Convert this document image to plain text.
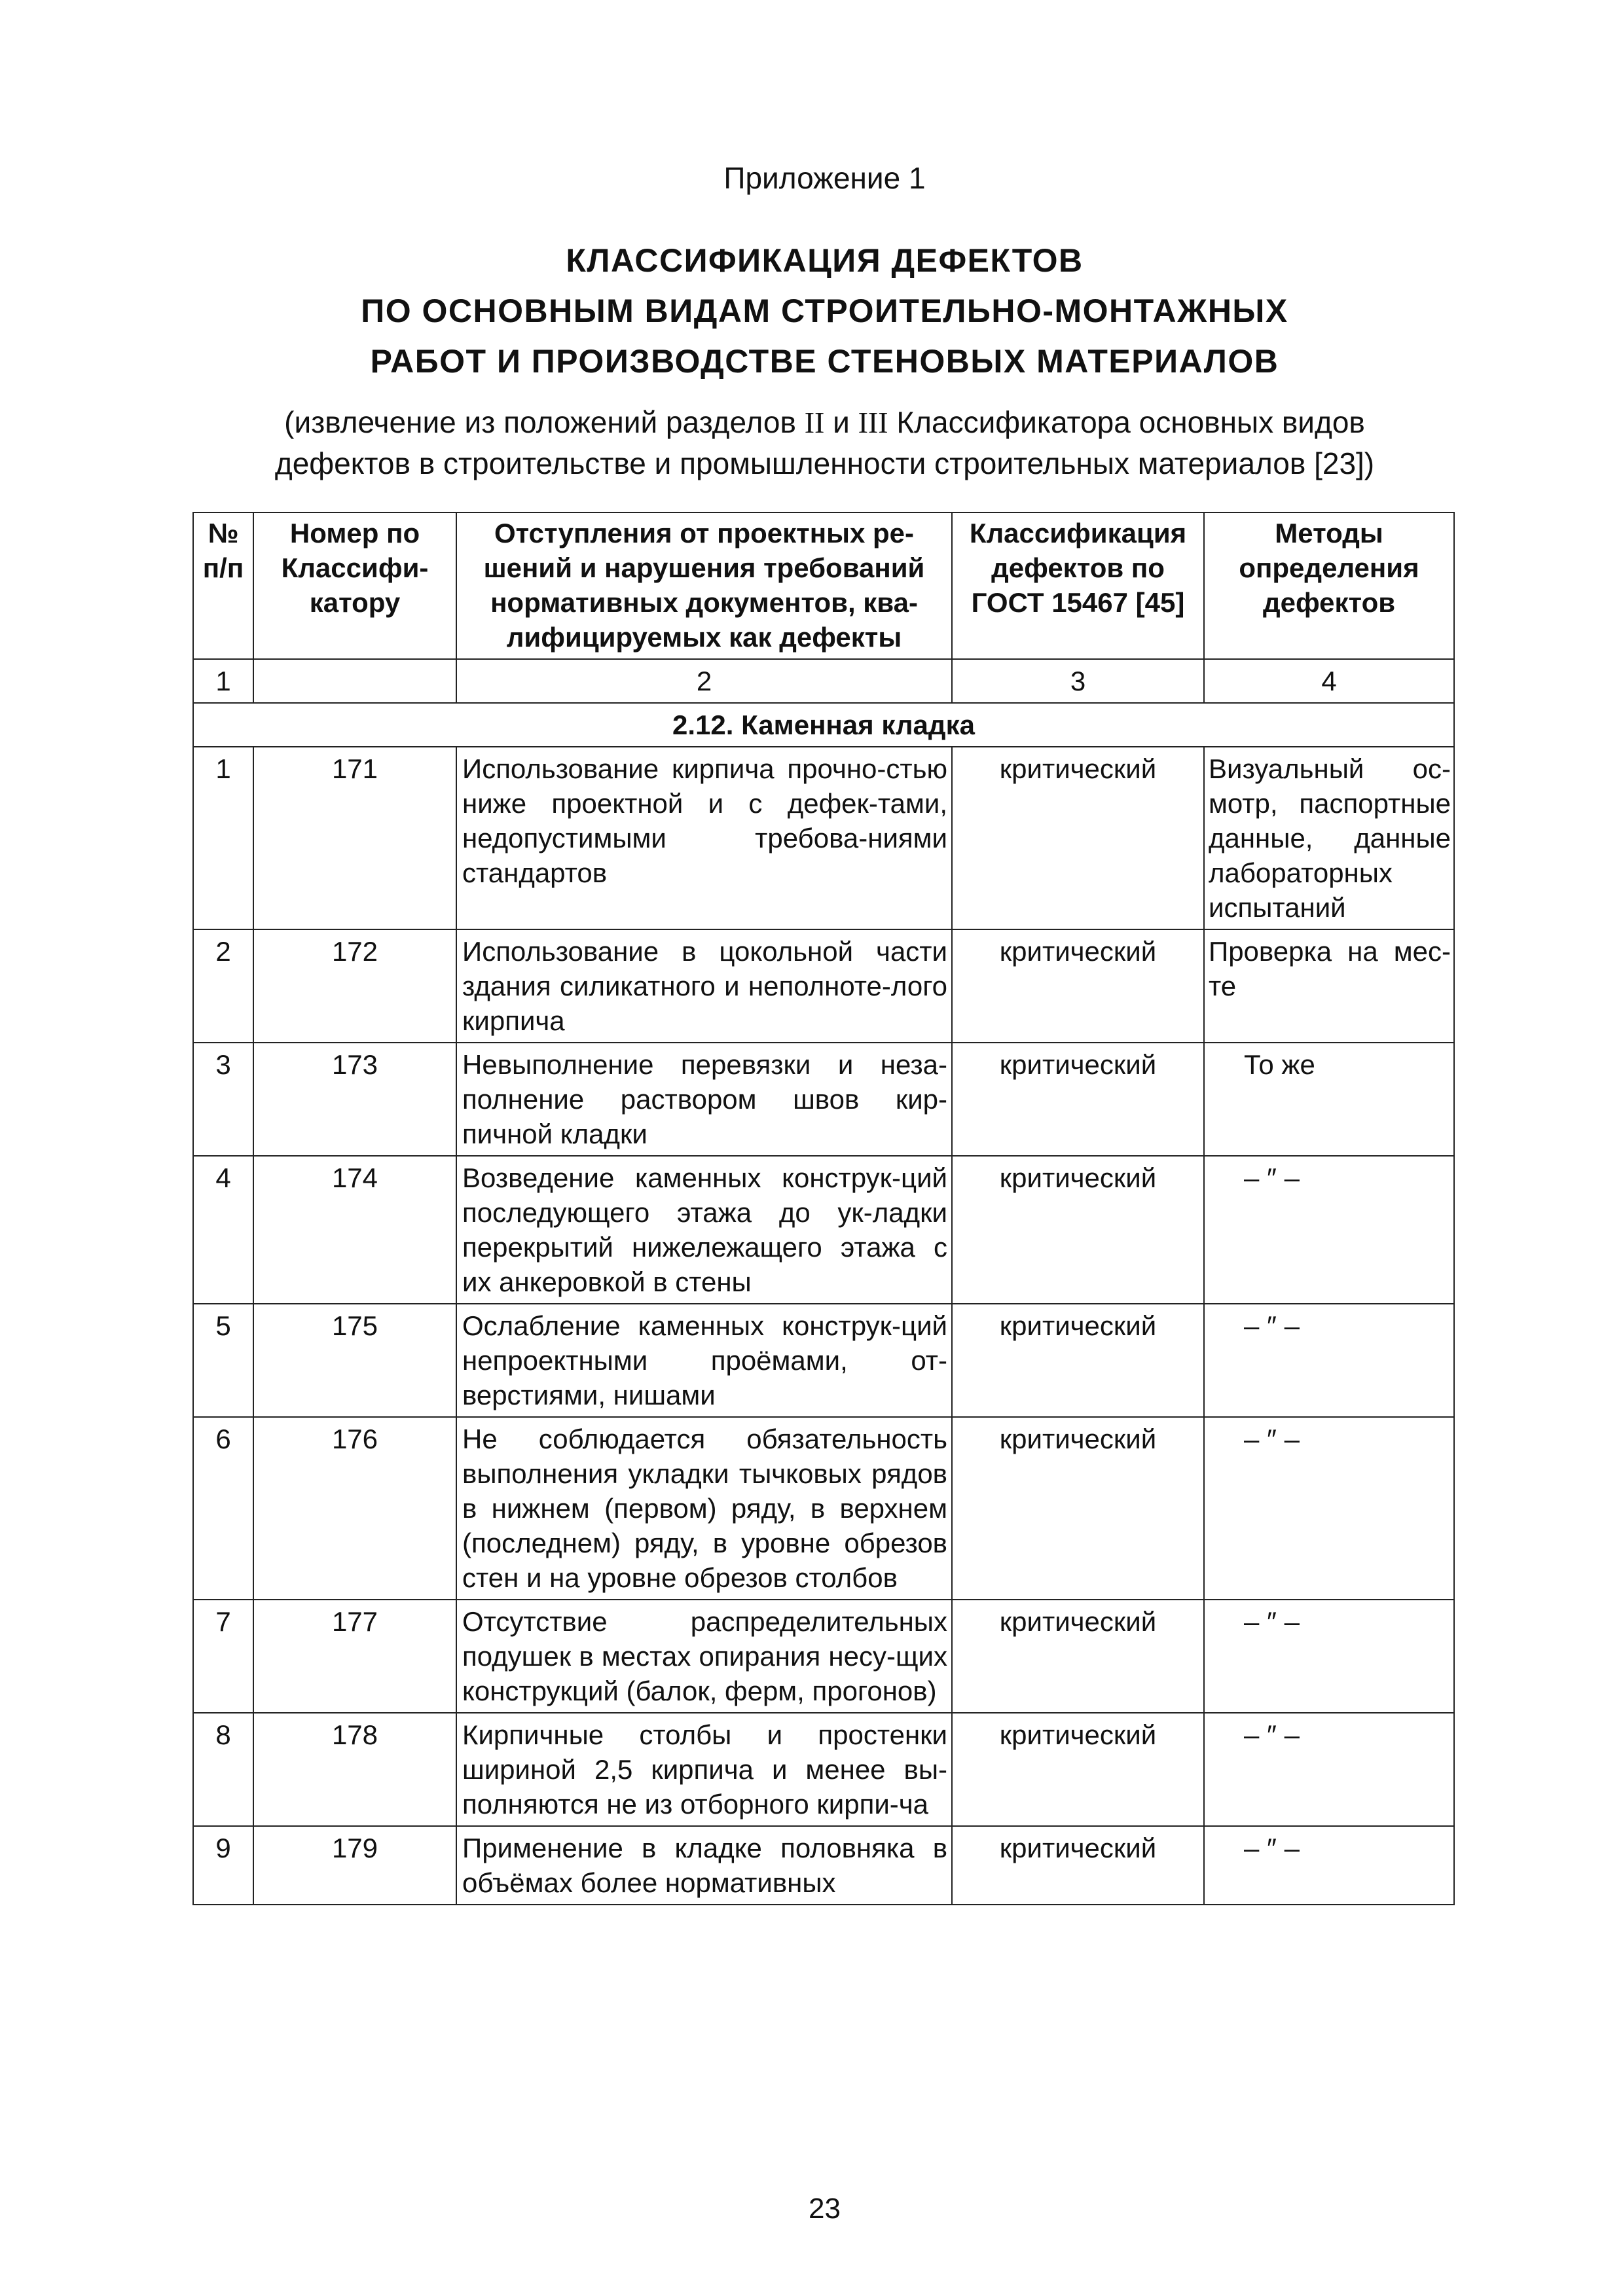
Приложение 1
КЛАССИФИКАЦИЯ ДЕФЕКТОВ
ПО ОСНОВНЫМ ВИДАМ СТРОИТЕЛЬНО-МОНТАЖНЫХ
РАБОТ И ПРОИЗВОДСТВЕ СТЕНОВЫХ МАТЕРИАЛОВ
(извлечение из положений разделов II и III Классификатора основных видов
дефектов в строительстве и промышленности строительных материалов [23])
№ п/п	Номер по Классифи-катору	Отступления от проектных ре-шений и нарушения требований нормативных документов, ква-лифицируемых как дефекты	Классификация дефектов по ГОСТ 15467 [45]	Методы определения дефектов
1		2	3	4
2.12. Каменная кладка				
1	171	Использование кирпича прочно-стью ниже проектной и с дефек-тами, недопустимыми требова-ниями стандартов	критический	Визуальный ос-мотр, паспортные данные, данные лабораторных испытаний
2	172	Использование в цокольной части здания силикатного и неполноте-лого кирпича	критический	Проверка на мес-те
3	173	Невыполнение перевязки и неза-полнение раствором швов кир-пичной кладки	критический	То же
4	174	Возведение каменных конструк-ций последующего этажа до ук-ладки перекрытий нижележащего этажа с их анкеровкой в стены	критический	– ″ –
5	175	Ослабление каменных конструк-ций непроектными проёмами, от-верстиями, нишами	критический	– ″ –
6	176	Не соблюдается обязательность выполнения укладки тычковых рядов в нижнем (первом) ряду, в верхнем (последнем) ряду, в уровне обрезов стен и на уровне обрезов столбов	критический	– ″ –
7	177	Отсутствие распределительных подушек в местах опирания несу-щих конструкций (балок, ферм, прогонов)	критический	– ″ –
8	178	Кирпичные столбы и простенки шириной 2,5 кирпича и менее вы-полняются не из отборного кирпи-ча	критический	– ″ –
9	179	Применение в кладке половняка в объёмах более нормативных	критический	– ″ –
23
